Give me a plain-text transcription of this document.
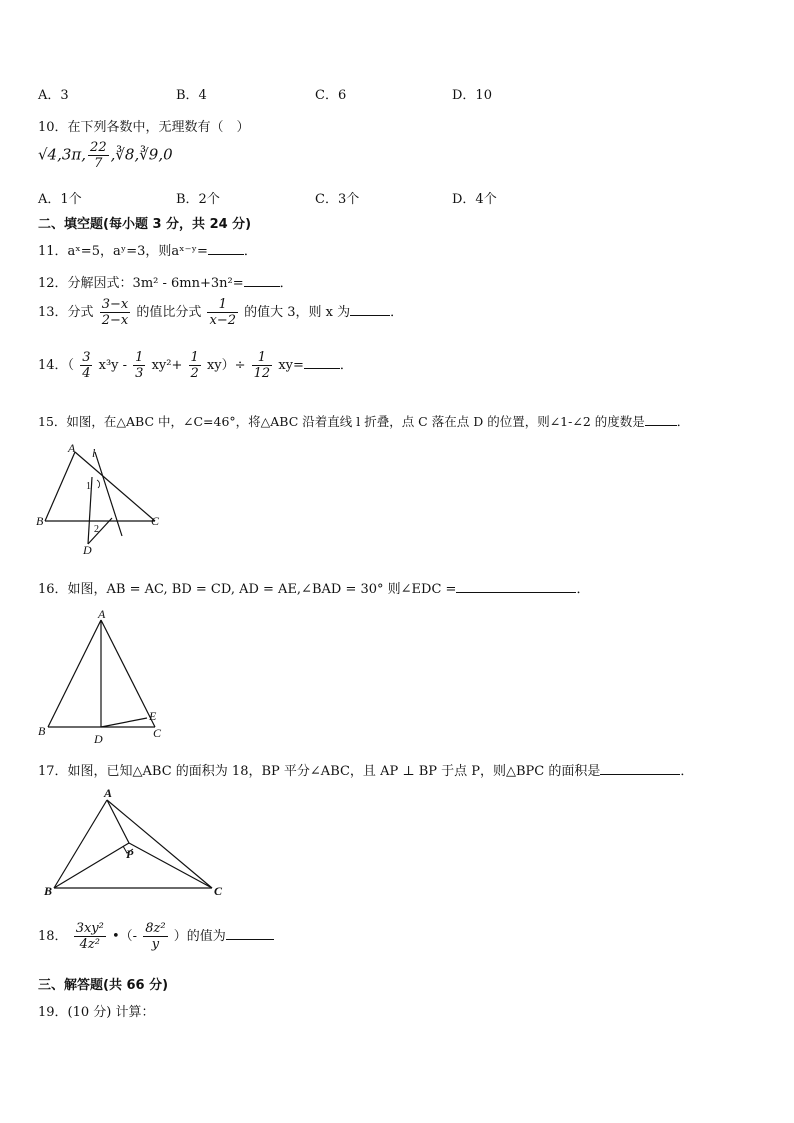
A．3	B．4	C．6	D．10
10．在下列各数中，无理数有（　）
√4,3π, $\frac{22}{7}$ ,∛8,∛9,0
A．1个	B．2个	C．3个	D．4个
二、填空题(每小题 3 分，共 24 分)
11．aˣ=5，aʸ=3，则aˣ⁻ʸ=	．
12．分解因式：3m² - 6mn+3n²=	．
13．分式 $\frac{3-x}{2-x}$ 的值比分式 $\frac{1}{x-2}$ 的值大 3，则 x 为	．
14．（ $\frac{3}{4} x^3y - \frac{1}{3} xy^2+ \frac{1}{2} xy)\div \frac{1}{12} xy=$	．
15．如图，在△ABC 中，∠C=46°，将△ABC 沿着直线 l 折叠，点 C 落在点 D 的位置，则∠1-∠2 的度数是	．
A l
1
2
B	C
D
16．如图，AB = AC, BD = CD, AD = AE,∠BAD = 30° 则∠EDC =	．
A
B	C
D
E
17．如图，已知△ABC 的面积为 18，BP 平分∠ABC，且 AP ⊥ BP 于点 P，则△BPC 的面积是	．
A
B	C
P
18． $\frac{\text{3xy²}}{\text{4z²}}$ •（- $\frac{\text{8z²}}{y}$ ）的值为
三、解答题(共 66 分)
19．(10 分) 计算：
